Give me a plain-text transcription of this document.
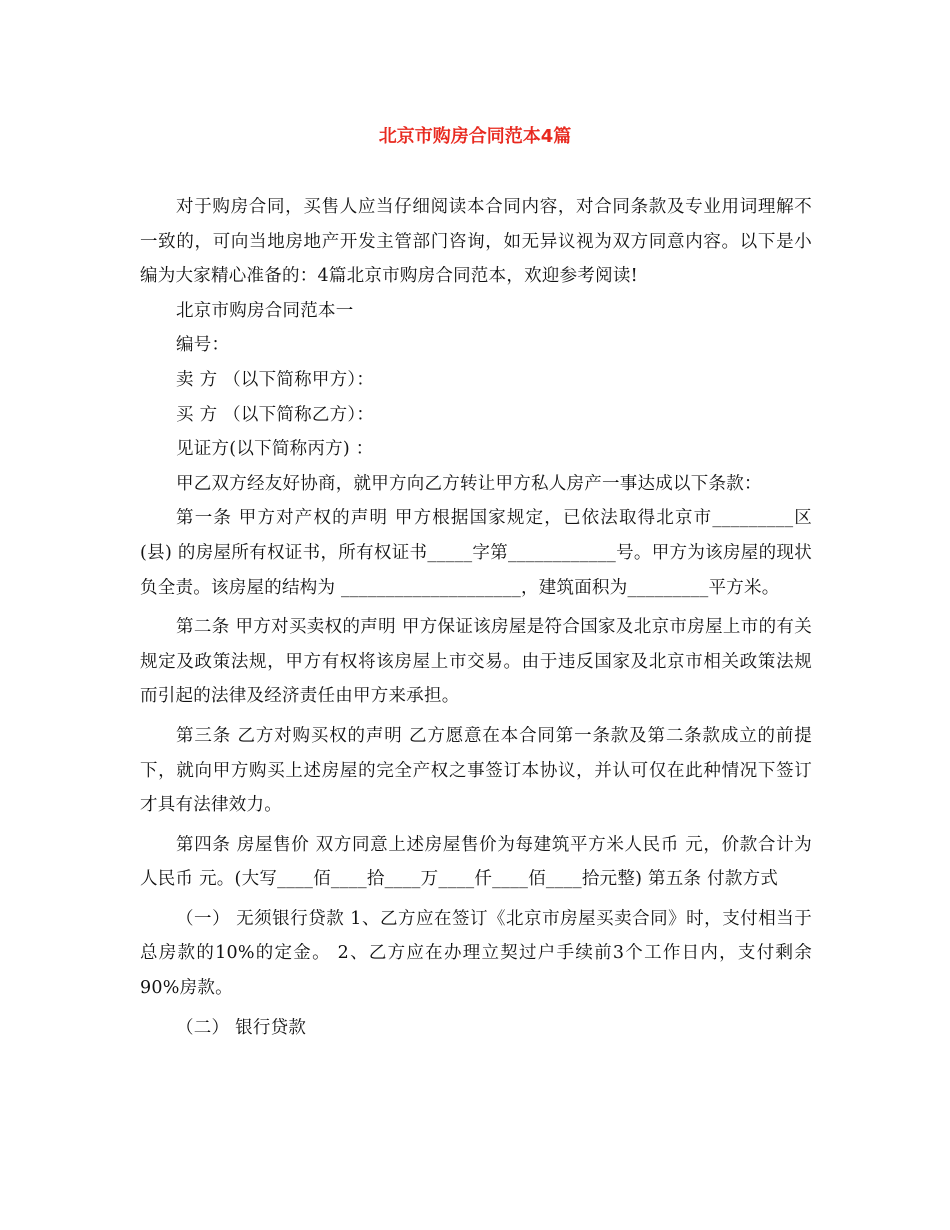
北京市购房合同范本4篇

对于购房合同，买售人应当仔细阅读本合同内容，对合同条款及专业用词理解不一致的，可向当地房地产开发主管部门咨询，如无异议视为双方同意内容。以下是小编为大家精心准备的：4篇北京市购房合同范本，欢迎参考阅读!

北京市购房合同范本一

编号：

卖 方 （以下简称甲方）：

买 方 （以下简称乙方）：

见证方(以下简称丙方) ：

甲乙双方经友好协商，就甲方向乙方转让甲方私人房产一事达成以下条款：

第一条 甲方对产权的声明 甲方根据国家规定，已依法取得北京市_________区(县) 的房屋所有权证书，所有权证书_____字第____________号。甲方为该房屋的现状负全责。该房屋的结构为 ____________________，建筑面积为_________平方米。

第二条 甲方对买卖权的声明 甲方保证该房屋是符合国家及北京市房屋上市的有关规定及政策法规，甲方有权将该房屋上市交易。由于违反国家及北京市相关政策法规而引起的法律及经济责任由甲方来承担。

第三条 乙方对购买权的声明 乙方愿意在本合同第一条款及第二条款成立的前提下，就向甲方购买上述房屋的完全产权之事签订本协议，并认可仅在此种情况下签订才具有法律效力。

第四条 房屋售价 双方同意上述房屋售价为每建筑平方米人民币 元，价款合计为人民币 元。(大写____佰____拾____万____仟____佰____拾元整) 第五条 付款方式

（一） 无须银行贷款 1、乙方应在签订《北京市房屋买卖合同》时，支付相当于总房款的10%的定金。 2、乙方应在办理立契过户手续前3个工作日内，支付剩余90%房款。

（二） 银行贷款
